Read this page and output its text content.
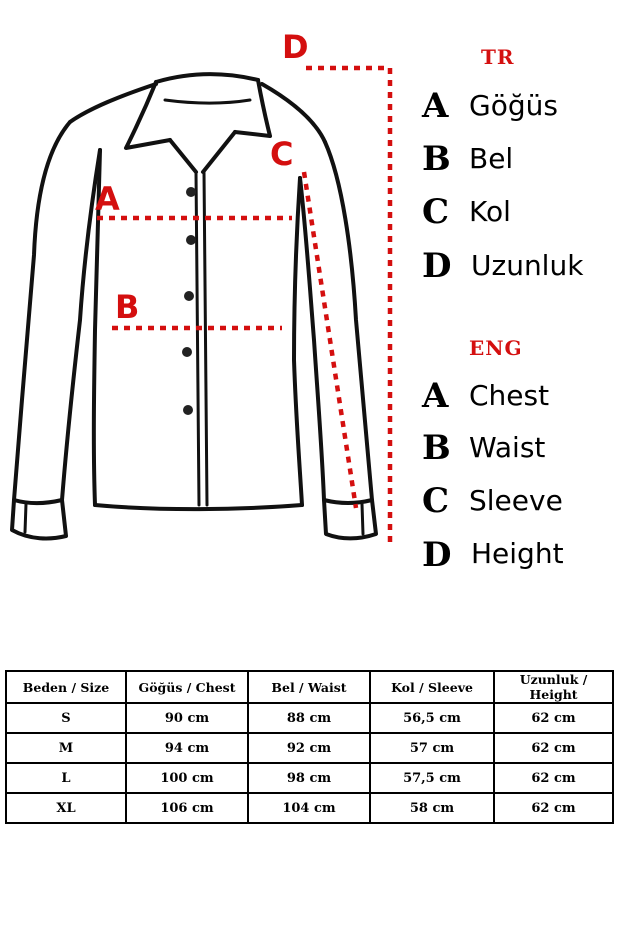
A
B
C
D	TR
A Göğüs
B Bel
C Kol
D Uzunluk
ENG
A Chest
B Waist
C Sleeve
D Height
Beden / Size	Göğüs / Chest	Bel / Waist	Kol / Sleeve	Uzunluk / Height
S	90 cm	88 cm	56,5 cm	62 cm
M	94 cm	92 cm	57 cm	62 cm
L	100 cm	98 cm	57,5 cm	62 cm
XL	106 cm	104 cm	58 cm	62 cm
